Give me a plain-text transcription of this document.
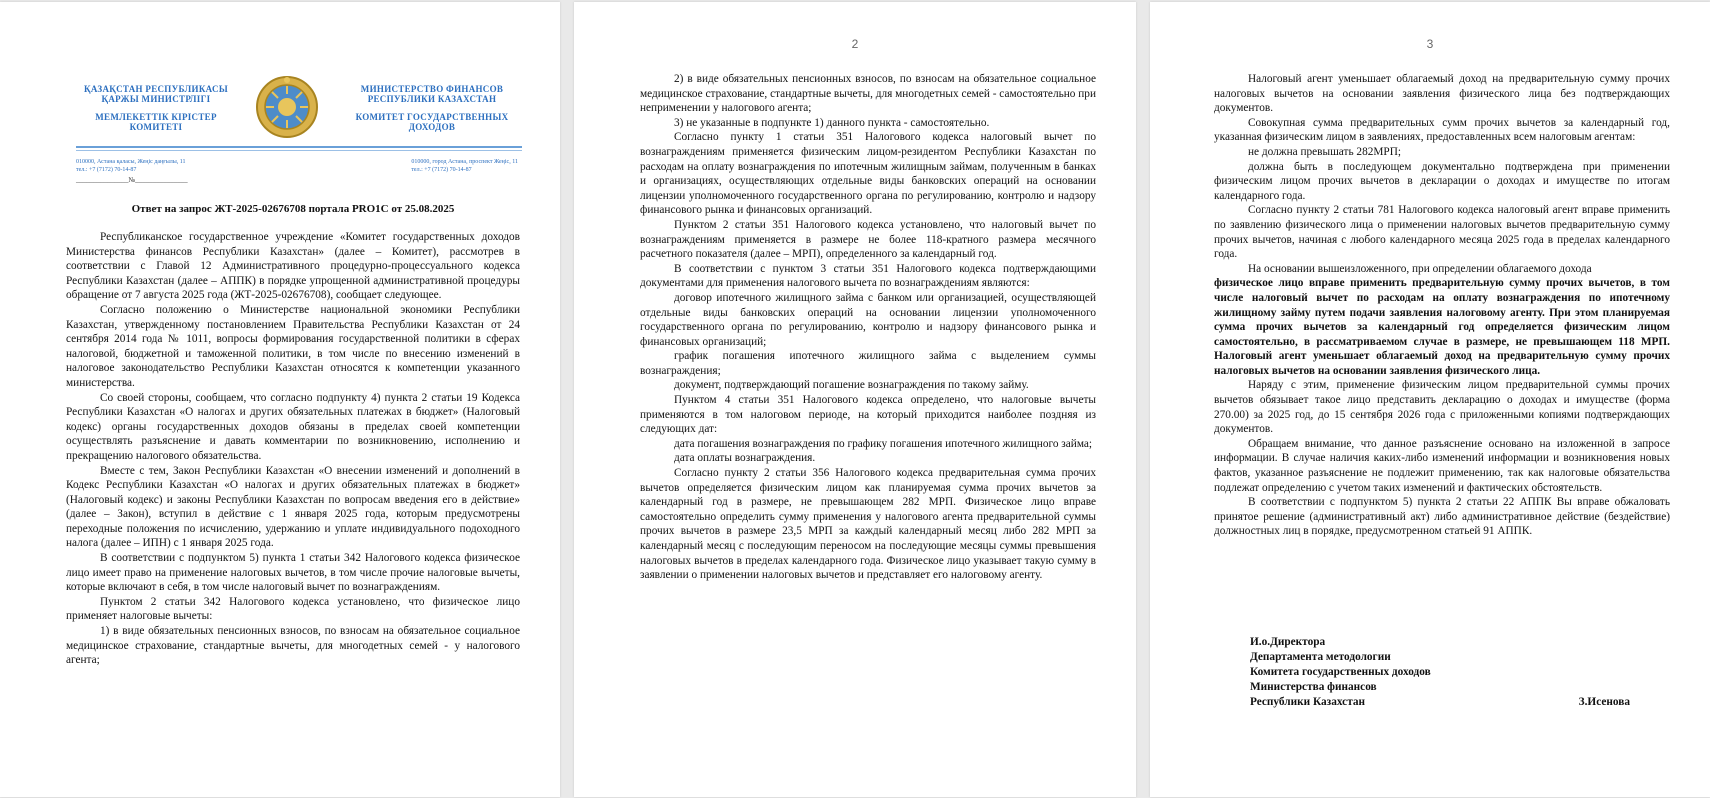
ҚАЗАҚСТАН РЕСПУБЛИКАСЫ
ҚАРЖЫ МИНИСТРЛІГІ
МЕМЛЕКЕТТІК КІРІСТЕР
КОМИТЕТІ
МИНИСТЕРСТВО ФИНАНСОВ
РЕСПУБЛИКИ КАЗАХСТАН
КОМИТЕТ ГОСУДАРСТВЕННЫХ
ДОХОДОВ
010000, Астана қаласы, Жеңіс даңғылы, 11
тел.: +7 (7172) 70-14-87
010000, город Астана, проспект Жеңіс, 11
тел.: +7 (7172) 70-14-87
_______________№_______________
Ответ на запрос ЖТ-2025-02676708 портала PRO1C от 25.08.2025

Республиканское государственное учреждение «Комитет государственных доходов Министерства финансов Республики Казахстан» (далее – Комитет), рассмотрев в соответствии с Главой 12 Административного процедурно-процессуального кодекса Республики Казахстан (далее – АППК) в порядке упрощенной административной процедуры обращение от 7 августа 2025 года (ЖТ-2025-02676708), сообщает следующее.

Согласно положению о Министерстве национальной экономики Республики Казахстан, утвержденному постановлением Правительства Республики Казахстан от 24 сентября 2014 года № 1011, вопросы формирования государственной политики в сферах налоговой, бюджетной и таможенной политики, в том числе по внесению изменений в налоговое законодательство Республики Казахстан относятся к компетенции указанного министерства.

Со своей стороны, сообщаем, что согласно подпункту 4) пункта 2 статьи 19 Кодекса Республики Казахстан «О налогах и других обязательных платежах в бюджет» (Налоговый кодекс) органы государственных доходов обязаны в пределах своей компетенции осуществлять разъяснение и давать комментарии по возникновению, исполнению и прекращению налогового обязательства.

Вместе с тем, Закон Республики Казахстан «О внесении изменений и дополнений в Кодекс Республики Казахстан «О налогах и других обязательных платежах в бюджет» (Налоговый кодекс) и законы Республики Казахстан по вопросам введения его в действие» (далее – Закон), вступил в действие с 1 января 2025 года, которым предусмотрены переходные положения по исчислению, удержанию и уплате индивидуального подоходного налога (далее – ИПН) с 1 января 2025 года.

В соответствии с подпунктом 5) пункта 1 статьи 342 Налогового кодекса физическое лицо имеет право на применение налоговых вычетов, в том числе прочие налоговые вычеты, которые включают в себя, в том числе налоговый вычет по вознаграждениям.

Пунктом 2 статьи 342 Налогового кодекса установлено, что физическое лицо применяет налоговые вычеты:

1) в виде обязательных пенсионных взносов, по взносам на обязательное социальное медицинское страхование, стандартные вычеты, для многодетных семей - у налогового агента;

2

2) в виде обязательных пенсионных взносов, по взносам на обязательное социальное медицинское страхование, стандартные вычеты, для многодетных семей - самостоятельно при неприменении у налогового агента;

3) не указанные в подпункте 1) данного пункта - самостоятельно.

Согласно пункту 1 статьи 351 Налогового кодекса налоговый вычет по вознаграждениям применяется физическим лицом-резидентом Республики Казахстан по расходам на оплату вознаграждения по ипотечным жилищным займам, полученным в банках и организациях, осуществляющих отдельные виды банковских операций на основании лицензии уполномоченного государственного органа по регулированию, контролю и надзору финансового рынка и финансовых организаций.

Пунктом 2 статьи 351 Налогового кодекса установлено, что налоговый вычет по вознаграждениям применяется в размере не более 118-кратного размера месячного расчетного показателя (далее – МРП), определенного за календарный год.

В соответствии с пунктом 3 статьи 351 Налогового кодекса подтверждающими документами для применения налогового вычета по вознаграждениям являются:

договор ипотечного жилищного займа с банком или организацией, осуществляющей отдельные виды банковских операций на основании лицензии уполномоченного государственного органа по регулированию, контролю и надзору финансового рынка и финансовых организаций;

график погашения ипотечного жилищного займа с выделением суммы вознаграждения;

документ, подтверждающий погашение вознаграждения по такому займу.

Пунктом 4 статьи 351 Налогового кодекса определено, что налоговые вычеты применяются в том налоговом периоде, на который приходится наиболее поздняя из следующих дат:

дата погашения вознаграждения по графику погашения ипотечного жилищного займа;

дата оплаты вознаграждения.

Согласно пункту 2 статьи 356 Налогового кодекса предварительная сумма прочих вычетов определяется физическим лицом как планируемая сумма прочих вычетов за календарный год в размере, не превышающем 282 МРП. Физическое лицо вправе самостоятельно определить сумму применения у налогового агента предварительной суммы прочих вычетов в размере 23,5 МРП за каждый календарный месяц либо 282 МРП за календарный месяц с последующим переносом на последующие месяцы суммы превышения налоговых вычетов в пределах календарного года. Физическое лицо указывает такую сумму в заявлении о применении налоговых вычетов и представляет его налоговому агенту.

3

Налоговый агент уменьшает облагаемый доход на предварительную сумму прочих налоговых вычетов на основании заявления физического лица без подтверждающих документов.

Совокупная сумма предварительных сумм прочих вычетов за календарный год, указанная физическим лицом в заявлениях, предоставленных всем налоговым агентам:

не должна превышать 282МРП;

должна быть в последующем документально подтверждена при применении физическим лицом прочих вычетов в декларации о доходах и имуществе по итогам календарного года.

Согласно пункту 2 статьи 781 Налогового кодекса налоговый агент вправе применить по заявлению физического лица о применении налоговых вычетов предварительную сумму прочих вычетов, начиная с любого календарного месяца 2025 года в пределах календарного года.

На основании вышеизложенного, при определении облагаемого дохода

физическое лицо вправе применить предварительную сумму прочих вычетов, в том числе налоговый вычет по расходам на оплату вознаграждения по ипотечному жилищному займу путем подачи заявления налоговому агенту. При этом планируемая сумма прочих вычетов за календарный год определяется физическим лицом самостоятельно, в рассматриваемом случае в размере, не превышающем 118 МРП. Налоговый агент уменьшает облагаемый доход на предварительную сумму прочих налоговых вычетов на основании заявления физического лица.

Наряду с этим, применение физическим лицом предварительной суммы прочих вычетов обязывает такое лицо представить декларацию о доходах и имуществе (форма 270.00) за 2025 год, до 15 сентября 2026 года с приложенными копиями подтверждающих документов.

Обращаем внимание, что данное разъяснение основано на изложенной в запросе информации. В случае наличия каких-либо изменений информации и возникновения новых фактов, указанное разъяснение не подлежит применению, так как налоговые обязательства подлежат определению с учетом таких изменений и фактических обстоятельств.

В соответствии с подпунктом 5) пункта 2 статьи 22 АППК Вы вправе обжаловать принятое решение (административный акт) либо административное действие (бездействие) должностных лиц в порядке, предусмотренном статьей 91 АППК.

И.о.Директора
Департамента методологии
Комитета государственных доходов
Министерства финансов
Республики Казахстан	З.Исенова
